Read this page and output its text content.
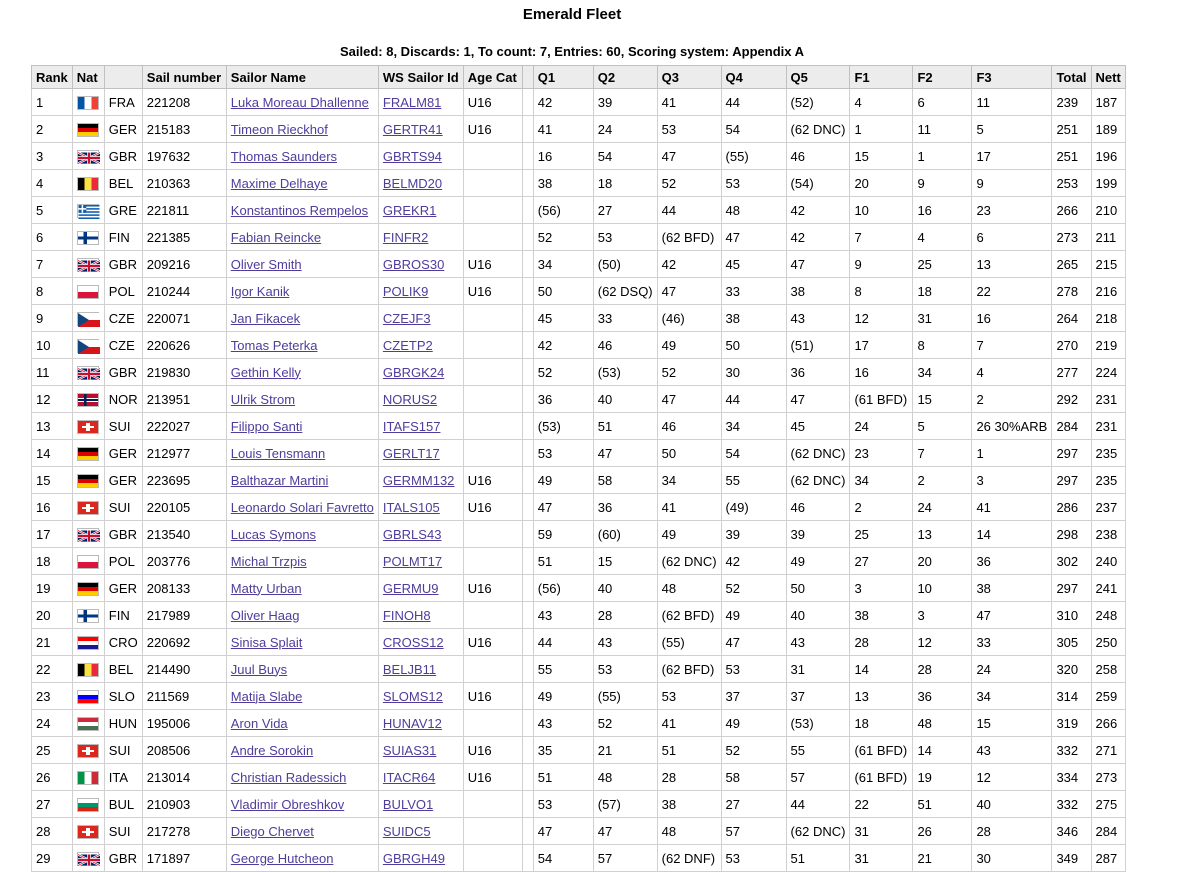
Emerald Fleet
Sailed: 8, Discards: 1, To count: 7, Entries: 60, Scoring system: Appendix A
Rank	Nat		Sail number	Sailor Name	WS Sailor Id	Age Cat		Q1	Q2	Q3	Q4	Q5	F1	F2	F3	Total	Nett
1		FRA	221208	Luka Moreau Dhallenne	FRALM81	U16		42	39	41	44	(52)	4	6	11	239	187
2		GER	215183	Timeon Rieckhof	GERTR41	U16		41	24	53	54	(62 DNC)	1	11	5	251	189
3		GBR	197632	Thomas Saunders	GBRTS94			16	54	47	(55)	46	15	1	17	251	196
4		BEL	210363	Maxime Delhaye	BELMD20			38	18	52	53	(54)	20	9	9	253	199
5		GRE	221811	Konstantinos Rempelos	GREKR1			(56)	27	44	48	42	10	16	23	266	210
6		FIN	221385	Fabian Reincke	FINFR2			52	53	(62 BFD)	47	42	7	4	6	273	211
7		GBR	209216	Oliver Smith	GBROS30	U16		34	(50)	42	45	47	9	25	13	265	215
8		POL	210244	Igor Kanik	POLIK9	U16		50	(62 DSQ)	47	33	38	8	18	22	278	216
9		CZE	220071	Jan Fikacek	CZEJF3			45	33	(46)	38	43	12	31	16	264	218
10		CZE	220626	Tomas Peterka	CZETP2			42	46	49	50	(51)	17	8	7	270	219
11		GBR	219830	Gethin Kelly	GBRGK24			52	(53)	52	30	36	16	34	4	277	224
12		NOR	213951	Ulrik Strom	NORUS2			36	40	47	44	47	(61 BFD)	15	2	292	231
13		SUI	222027	Filippo Santi	ITAFS157			(53)	51	46	34	45	24	5	26 30%ARB	284	231
14		GER	212977	Louis Tensmann	GERLT17			53	47	50	54	(62 DNC)	23	7	1	297	235
15		GER	223695	Balthazar Martini	GERMM132	U16		49	58	34	55	(62 DNC)	34	2	3	297	235
16		SUI	220105	Leonardo Solari Favretto	ITALS105	U16		47	36	41	(49)	46	2	24	41	286	237
17		GBR	213540	Lucas Symons	GBRLS43			59	(60)	49	39	39	25	13	14	298	238
18		POL	203776	Michal Trzpis	POLMT17			51	15	(62 DNC)	42	49	27	20	36	302	240
19		GER	208133	Matty Urban	GERMU9	U16		(56)	40	48	52	50	3	10	38	297	241
20		FIN	217989	Oliver Haag	FINOH8			43	28	(62 BFD)	49	40	38	3	47	310	248
21		CRO	220692	Sinisa Splait	CROSS12	U16		44	43	(55)	47	43	28	12	33	305	250
22		BEL	214490	Juul Buys	BELJB11			55	53	(62 BFD)	53	31	14	28	24	320	258
23		SLO	211569	Matija Slabe	SLOMS12	U16		49	(55)	53	37	37	13	36	34	314	259
24		HUN	195006	Aron Vida	HUNAV12			43	52	41	49	(53)	18	48	15	319	266
25		SUI	208506	Andre Sorokin	SUIAS31	U16		35	21	51	52	55	(61 BFD)	14	43	332	271
26		ITA	213014	Christian Radessich	ITACR64	U16		51	48	28	58	57	(61 BFD)	19	12	334	273
27		BUL	210903	Vladimir Obreshkov	BULVO1			53	(57)	38	27	44	22	51	40	332	275
28		SUI	217278	Diego Chervet	SUIDC5			47	47	48	57	(62 DNC)	31	26	28	346	284
29		GBR	171897	George Hutcheon	GBRGH49			54	57	(62 DNF)	53	51	31	21	30	349	287
